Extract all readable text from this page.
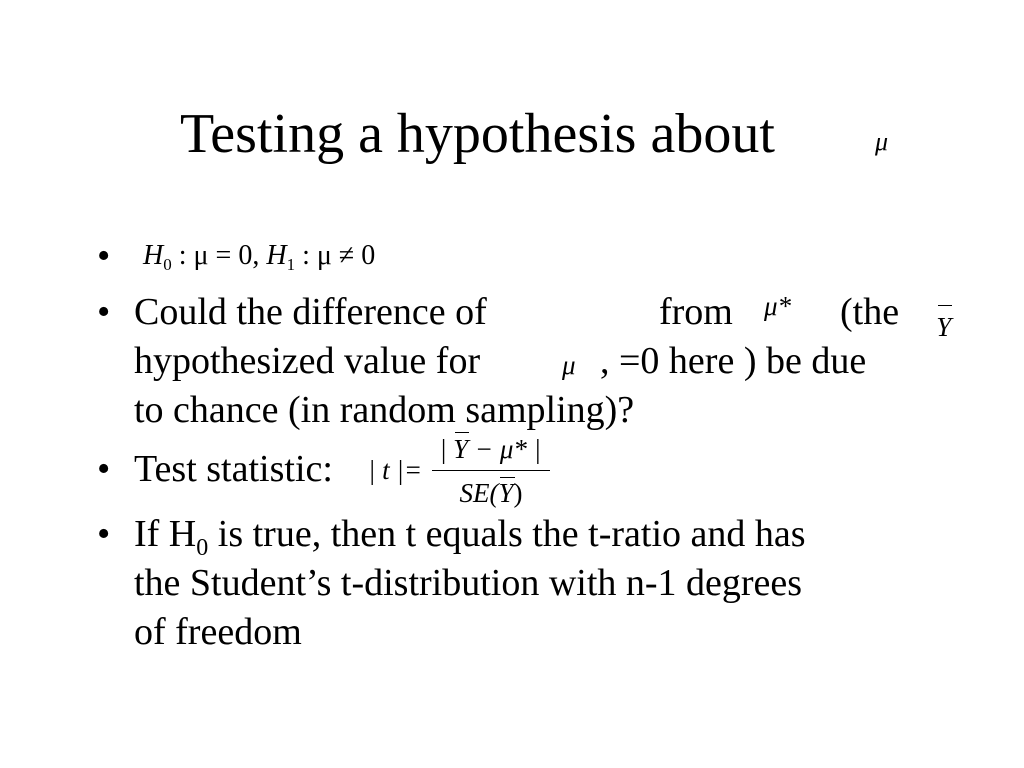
Testing a hypothesis about	μ
• $H_0$ : μ = 0, $H_1$ : μ ≠ 0
• Could the difference of	Y
from μ* (the
hypothesized value for	μ , =0 here ) be due
to chance (in random sampling)?
• Test statistic:	| t |=
| Y − μ* |
SE(Y)
• If $H_0$ is true, then t equals the t-ratio and has
the Student’s t-distribution with n-1 degrees
of freedom
